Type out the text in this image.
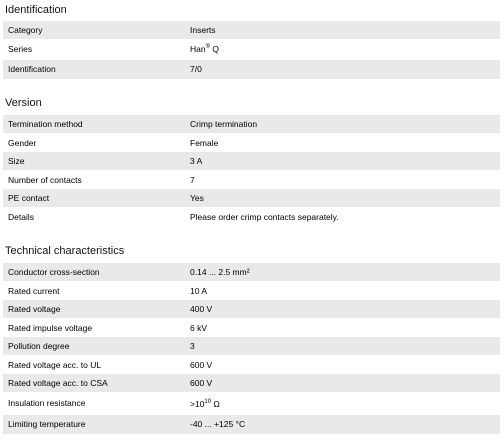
Identification
Category	Inserts
Series	Han® Q
Identification	7/0
Version
Termination method	Crimp termination
Gender	Female
Size	3 A
Number of contacts	7
PE contact	Yes
Details	Please order crimp contacts separately.
Technical characteristics
Conductor cross-section	0.14 ... 2.5 mm²
Rated current	10 A
Rated voltage	400 V
Rated impulse voltage	6 kV
Pollution degree	3
Rated voltage acc. to UL	600 V
Rated voltage acc. to CSA	600 V
Insulation resistance	$>10^{10}$ Ω
Limiting temperature	-40 ... +125 °C
